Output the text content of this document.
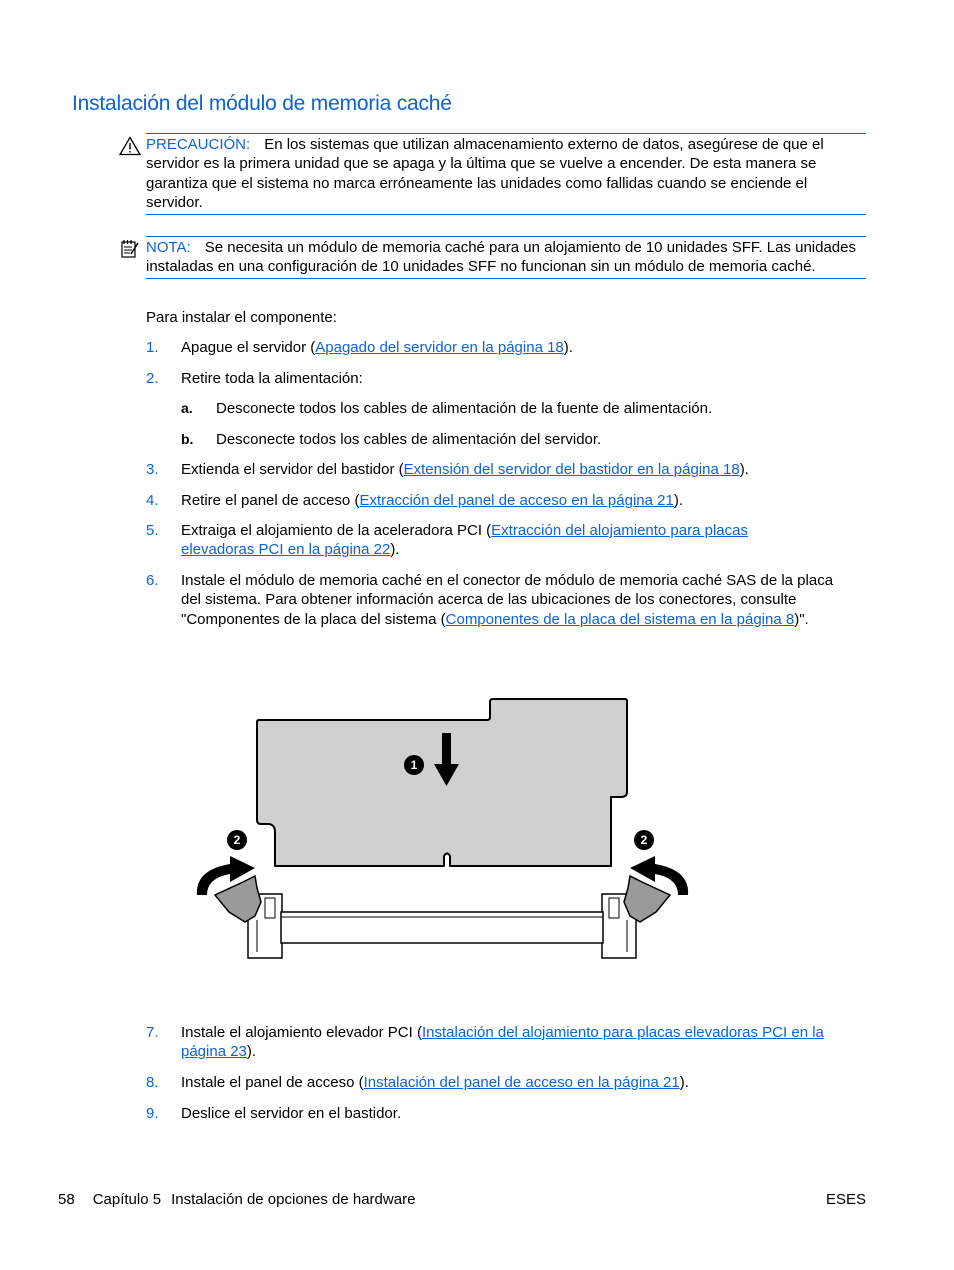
Instalación del módulo de memoria caché
PRECAUCIÓN: En los sistemas que utilizan almacenamiento externo de datos, asegúrese de que el servidor es la primera unidad que se apaga y la última que se vuelve a encender. De esta manera se garantiza que el sistema no marca erróneamente las unidades como fallidas cuando se enciende el servidor.
NOTA: Se necesita un módulo de memoria caché para un alojamiento de 10 unidades SFF. Las unidades instaladas en una configuración de 10 unidades SFF no funcionan sin un módulo de memoria caché.
Para instalar el componente:
1. Apague el servidor (Apagado del servidor en la página 18).
2. Retire toda la alimentación:
a. Desconecte todos los cables de alimentación de la fuente de alimentación.
b. Desconecte todos los cables de alimentación del servidor.
3. Extienda el servidor del bastidor (Extensión del servidor del bastidor en la página 18).
4. Retire el panel de acceso (Extracción del panel de acceso en la página 21).
5. Extraiga el alojamiento de la aceleradora PCI (Extracción del alojamiento para placas elevadoras PCI en la página 22).
6. Instale el módulo de memoria caché en el conector de módulo de memoria caché SAS de la placa del sistema. Para obtener información acerca de las ubicaciones de los conectores, consulte "Componentes de la placa del sistema (Componentes de la placa del sistema en la página 8)".
1
2	2
7. Instale el alojamiento elevador PCI (Instalación del alojamiento para placas elevadoras PCI en la página 23).
8. Instale el panel de acceso (Instalación del panel de acceso en la página 21).
9. Deslice el servidor en el bastidor.
58 Capítulo 5 Instalación de opciones de hardware	ESES
